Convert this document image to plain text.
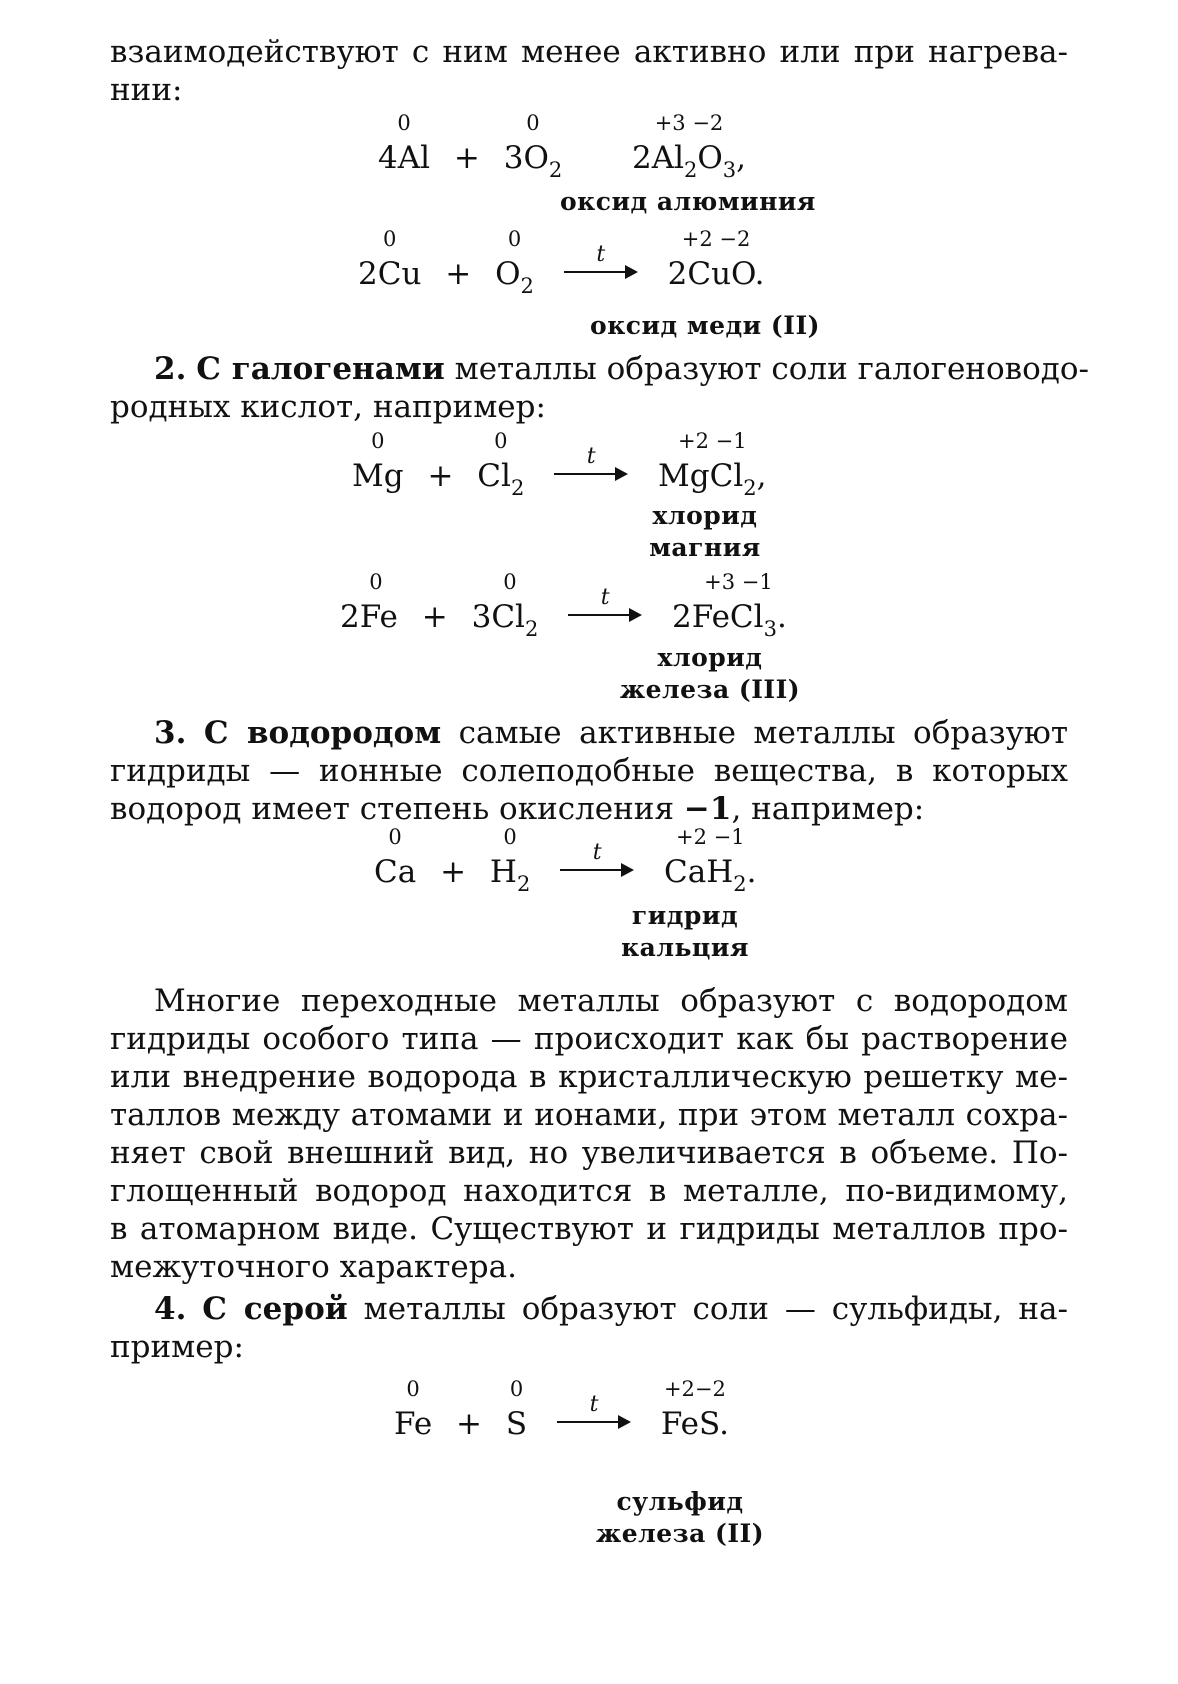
взаимодействуют с ним менее активно или при нагрева-
нии:

0
4Al +
0
$3O_2$
+3 −2
$2Al_2O_3$,
оксид алюминия
0
2Cu +
0
$O_2$
t

+2 −2
2CuO.
оксид меди (II)

2. С галогенами металлы образуют соли галогеноводо-
родных кислот, например:

0
Mg +
0
$Cl_2$
t

+2 −1
MgCl$_2$,
хлорид
магния
0
2Fe +
0
$3Cl_2$
t

+3 −1
2FeCl$_3$.
хлорид
железа (III)

3. С водородом самые активные металлы образуют
гидриды — ионные солеподобные вещества, в которых
водород имеет степень окисления −1, например:

0
Ca +
0
$H_2$
t

+2 −1
CaH$_2$.
гидрид
кальция

Многие переходные металлы образуют с водородом
гидриды особого типа — происходит как бы растворение
или внедрение водорода в кристаллическую решетку ме-
таллов между атомами и ионами, при этом металл сохра-
няет свой внешний вид, но увеличивается в объеме. По-
глощенный водород находится в металле, по-видимому,
в атомарном виде. Существуют и гидриды металлов про-
межуточного характера.

4. С серой металлы образуют соли — сульфиды, на-
пример:

0
Fe +
0
S
t

+2−2
FeS.
сульфид
железа (II)
